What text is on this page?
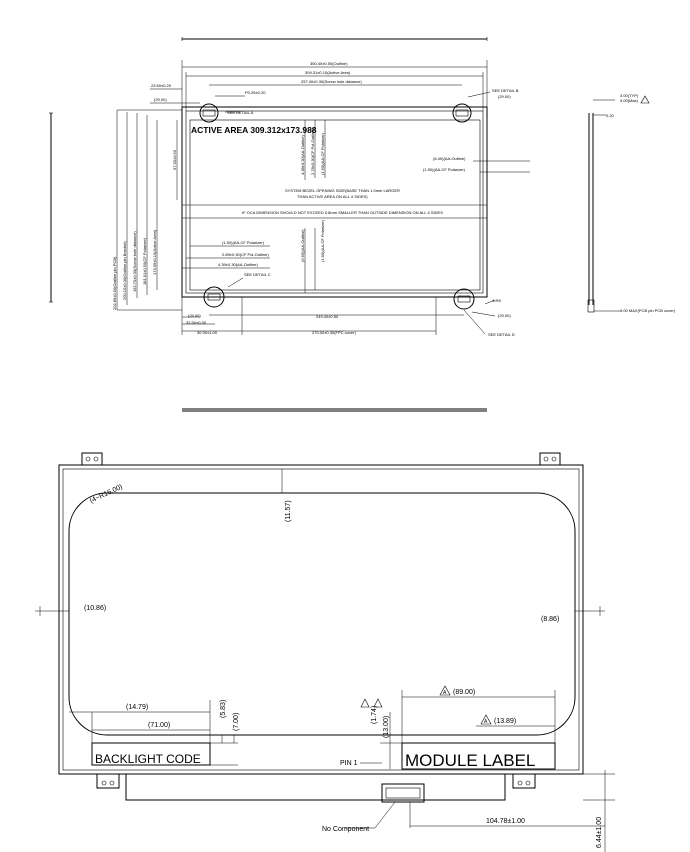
ACTIVE AREA 309.312x173.988
350.40±0.50(Outline)
309.31±0.10(Active Area)
257.40±0.30(Screw hole distance)
23.50±0.20
P0.25±0.20
(29.00)
SEE DETAIL A
SEE DETAIL B
(29.00)
(6.40)(AA-Outline)
(1.50)(AA-CF Polarizer)
4.38±0.30(AA-Outline) 2.78±0.30(CF Pol-Outline) (1.60)(AA-CF Polarizer)
SYSTEM BEZEL OPENING SIDE(BASE THAN 1.0mm LARGER
THAN ACTIVE AREA ON ALL 4 SIDES)
IF OCA DIMENSION SHOULD NOT EXCEED 0.8mm SMALLER THAN OUTSIDE DIMENSION ON ALL 4 SIDES
(1.50)(AA-CF Polarizer)
2.89±0.30(CF Pol-Outline)
4.39±0.30(AA-Outline)
SEE DETAIL C
(6.55)(AA-Outline)	(1.60)(AA-CF Polarizer)
202.89±0.50(Outline pin PCB) 200.10±0.30(Outline pin Bracket) 192.70±0.30(Screw hole distance) 181.91±0.50(CF Polarizer) 173.99±0.10(Active Area)
97.30±0.50
(29.00)
32.50±0.30
30.30±1.00
249.40±0.50
270.00±0.30(FPC cover)
(29.00)
4-R8
SEE DETAIL D
3.00(TYP)
3.00(Max)
0.20
5.00 MAX(PCB pin PCB cover)
(4~R16.00)
(11.57)
(10.86)
(8.86)
(14.79)
(71.00)
(5.83)
(7.00)
BACKLIGHT CODE	MODULE LABEL
PIN 1
A (89.00)
A (13.89)
(1.74)
(13.00)
104.78±1.00	6.44±1.00
No Component
